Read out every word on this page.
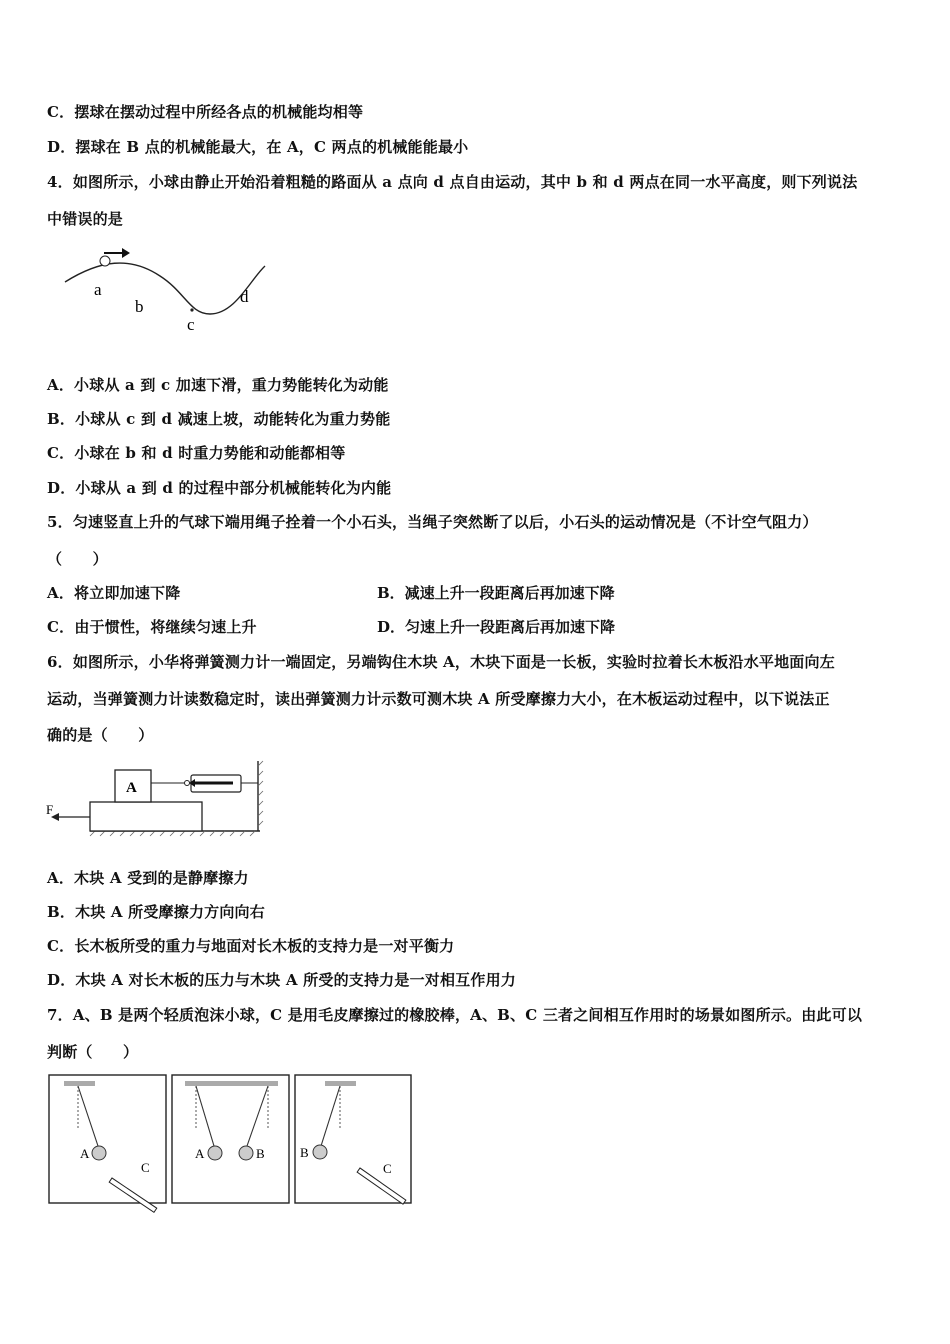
C．摆球在摆动过程中所经各点的机械能均相等
D．摆球在 B 点的机械能最大，在 A，C 两点的机械能能最小
4．如图所示，小球由静止开始沿着粗糙的路面从 a 点向 d 点自由运动，其中 b 和 d 两点在同一水平高度，则下列说法
中错误的是
a
b
c
d
A．小球从 a 到 c 加速下滑，重力势能转化为动能
B．小球从 c 到 d 减速上坡，动能转化为重力势能
C．小球在 b 和 d 时重力势能和动能都相等
D．小球从 a 到 d 的过程中部分机械能转化为内能
5．匀速竖直上升的气球下端用绳子拴着一个小石头，当绳子突然断了以后，小石头的运动情况是（不计空气阻力）
（　　）
A．将立即加速下降	B．减速上升一段距离后再加速下降
C．由于惯性，将继续匀速上升	D．匀速上升一段距离后再加速下降
6．如图所示，小华将弹簧测力计一端固定，另端钩住木块 A，木块下面是一长板，实验时拉着长木板沿水平地面向左
运动，当弹簧测力计读数稳定时，读出弹簧测力计示数可测木块 A 所受摩擦力大小，在木板运动过程中，以下说法正
确的是（　　）
A
F
A．木块 A 受到的是静摩擦力
B．木块 A 所受摩擦力方向向右
C．长木板所受的重力与地面对长木板的支持力是一对平衡力
D．木块 A 对长木板的压力与木块 A 所受的支持力是一对相互作用力
7．A、B 是两个轻质泡沫小球，C 是用毛皮摩擦过的橡胶棒，A、B、C 三者之间相互作用时的场景如图所示。由此可以
判断（　　）
A
C
A	B	B
C
